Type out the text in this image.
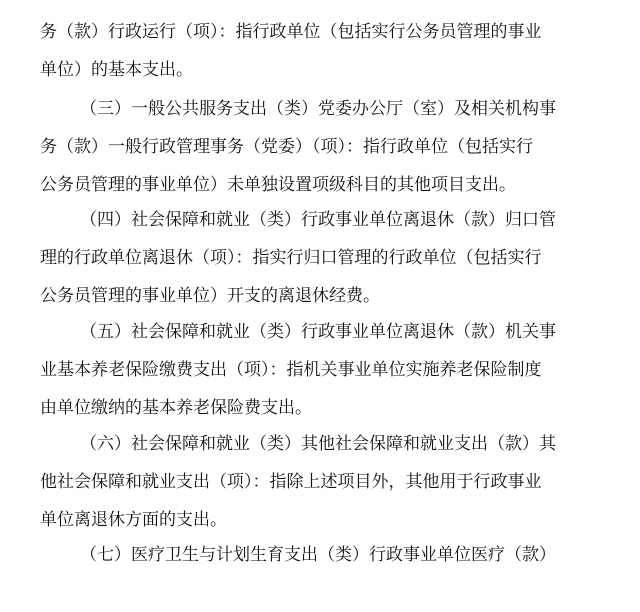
务（款）行政运行（项）：指行政单位（包括实行公务员管理的事业
单位）的基本支出。
（三）一般公共服务支出（类）党委办公厅（室）及相关机构事
务（款）一般行政管理事务（党委）（项）：指行政单位（包括实行
公务员管理的事业单位）未单独设置项级科目的其他项目支出。
（四）社会保障和就业（类）行政事业单位离退休（款）归口管
理的行政单位离退休（项）：指实行归口管理的行政单位（包括实行
公务员管理的事业单位）开支的离退休经费。
（五）社会保障和就业（类）行政事业单位离退休（款）机关事
业基本养老保险缴费支出（项）：指机关事业单位实施养老保险制度
由单位缴纳的基本养老保险费支出。
（六）社会保障和就业（类）其他社会保障和就业支出（款）其
他社会保障和就业支出（项）：指除上述项目外，其他用于行政事业
单位离退休方面的支出。
（七）医疗卫生与计划生育支出（类）行政事业单位医疗（款）
